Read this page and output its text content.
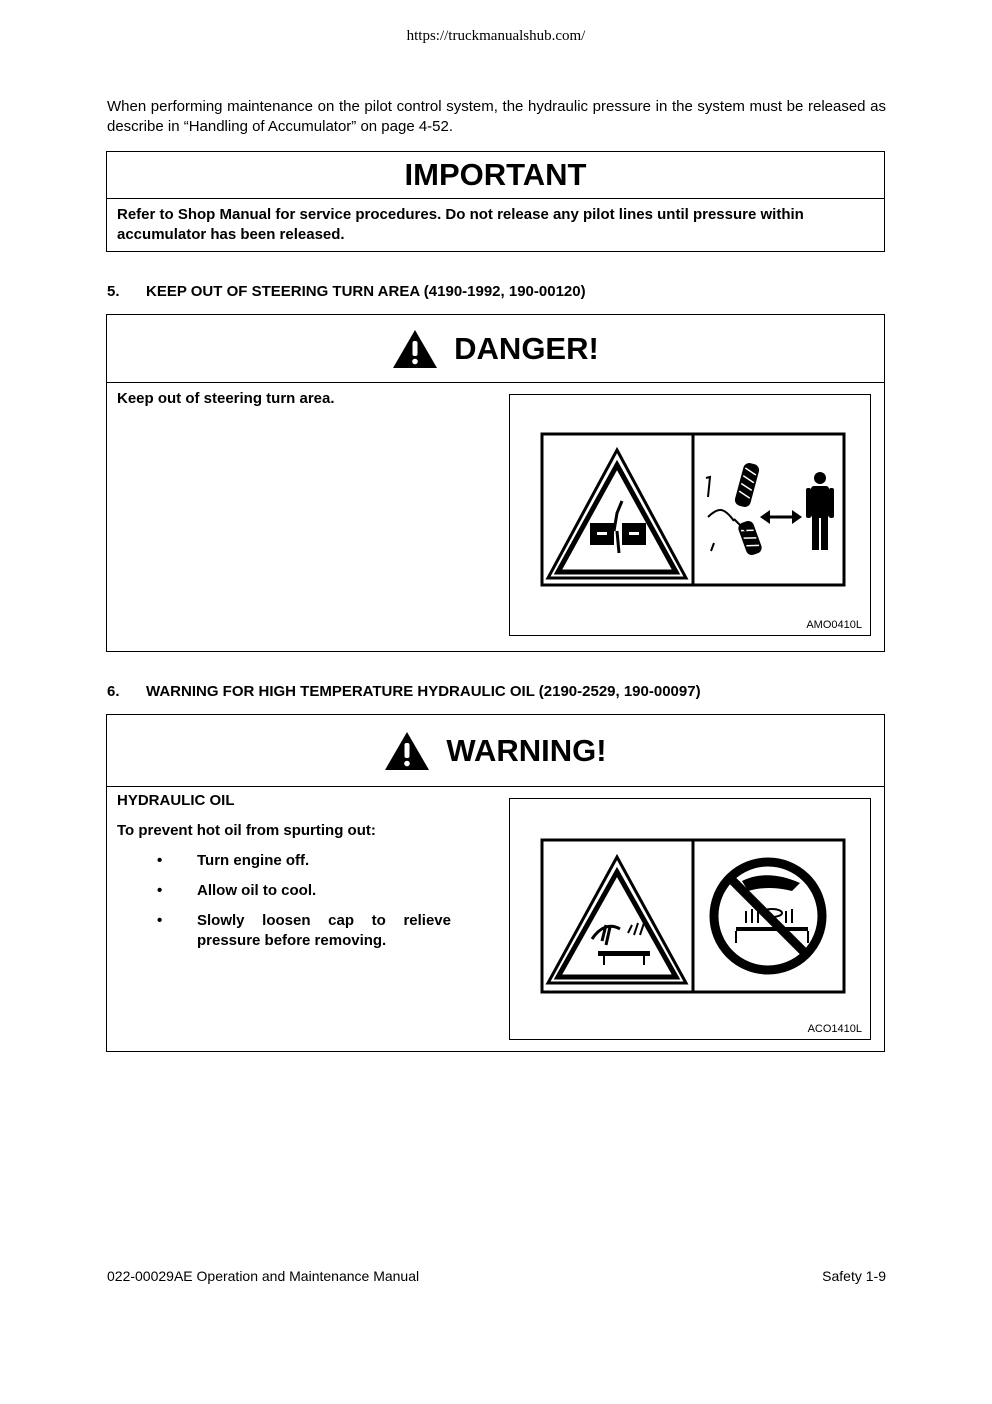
https://truckmanualshub.com/
When performing maintenance on the pilot control system, the hydraulic pressure in the system must be released as describe in “Handling of Accumulator” on page 4-52.
IMPORTANT
Refer to Shop Manual for service procedures. Do not release any pilot lines until pressure within accumulator has been released.
5. KEEP OUT OF STEERING TURN AREA (4190-1992, 190-00120)
DANGER!
Keep out of steering turn area.
AMO0410L
6. WARNING FOR HIGH TEMPERATURE HYDRAULIC OIL (2190-2529, 190-00097)
WARNING!
HYDRAULIC OIL
To prevent hot oil from spurting out:
• Turn engine off.
• Allow oil to cool.
• Slowly loosen cap to relieve pressure before removing.
ACO1410L
022-00029AE Operation and Maintenance Manual	Safety 1-9
